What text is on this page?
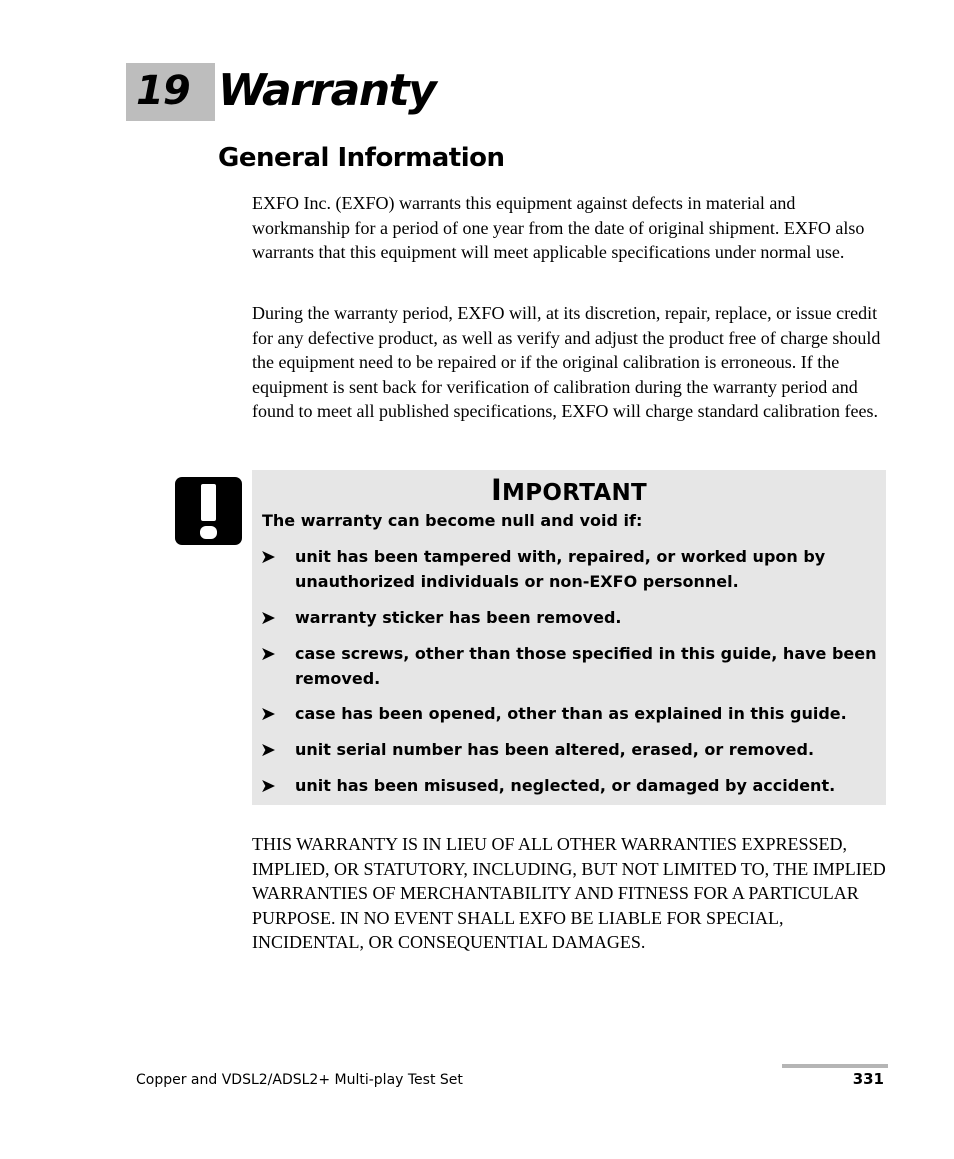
19 Warranty
General Information

EXFO Inc. (EXFO) warrants this equipment against defects in material and workmanship for a period of one year from the date of original shipment. EXFO also warrants that this equipment will meet applicable specifications under normal use.

During the warranty period, EXFO will, at its discretion, repair, replace, or issue credit for any defective product, as well as verify and adjust the product free of charge should the equipment need to be repaired or if the original calibration is erroneous. If the equipment is sent back for verification of calibration during the warranty period and found to meet all published specifications, EXFO will charge standard calibration fees.

IMPORTANT
The warranty can become null and void if:
➤ unit has been tampered with, repaired, or worked upon by unauthorized individuals or non-EXFO personnel.
➤ warranty sticker has been removed.
➤ case screws, other than those specified in this guide, have been removed.
➤ case has been opened, other than as explained in this guide.
➤ unit serial number has been altered, erased, or removed.
➤ unit has been misused, neglected, or damaged by accident.

THIS WARRANTY IS IN LIEU OF ALL OTHER WARRANTIES EXPRESSED, IMPLIED, OR STATUTORY, INCLUDING, BUT NOT LIMITED TO, THE IMPLIED WARRANTIES OF MERCHANTABILITY AND FITNESS FOR A PARTICULAR PURPOSE. IN NO EVENT SHALL EXFO BE LIABLE FOR SPECIAL, INCIDENTAL, OR CONSEQUENTIAL DAMAGES.

Copper and VDSL2/ADSL2+ Multi-play Test Set	331
